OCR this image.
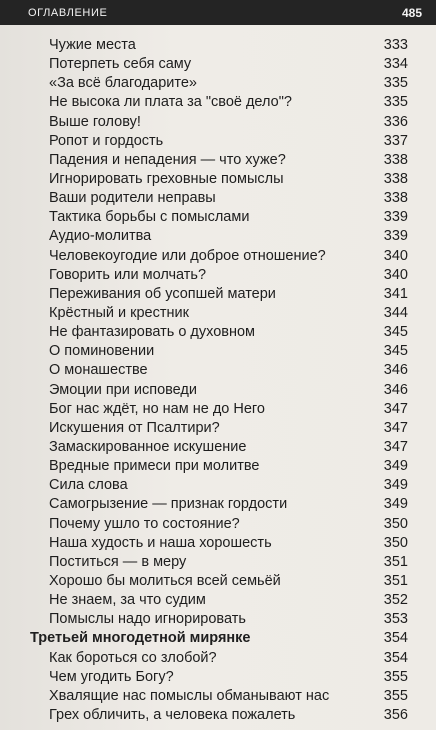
ОГЛАВЛЕНИЕ	485
Чужие места	333
Потерпеть себя саму	334
«За всё благодарите»	335
Не высока ли плата за "своё дело"?	335
Выше голову!	336
Ропот и гордость	337
Падения и непадения — что хуже?	338
Игнорировать греховные помыслы	338
Ваши родители неправы	338
Тактика борьбы с помыслами	339
Аудио-молитва	339
Человекоугодие или доброе отношение?	340
Говорить или молчать?	340
Переживания об усопшей матери	341
Крёстный и крестник	344
Не фантазировать о духовном	345
О поминовении	345
О монашестве	346
Эмоции при исповеди	346
Бог нас ждёт, но нам не до Него	347
Искушения от Псалтири?	347
Замаскированное искушение	347
Вредные примеси при молитве	349
Сила слова	349
Самогрызение — признак гордости	349
Почему ушло то состояние?	350
Наша худость и наша хорошесть	350
Поститься — в меру	351
Хорошо бы молиться всей семьёй	351
Не знаем, за что судим	352
Помыслы надо игнорировать	353
Третьей многодетной мирянке	354
Как бороться со злобой?	354
Чем угодить Богу?	355
Хвалящие нас помыслы обманывают нас	355
Грех обличить, а человека пожалеть	356
